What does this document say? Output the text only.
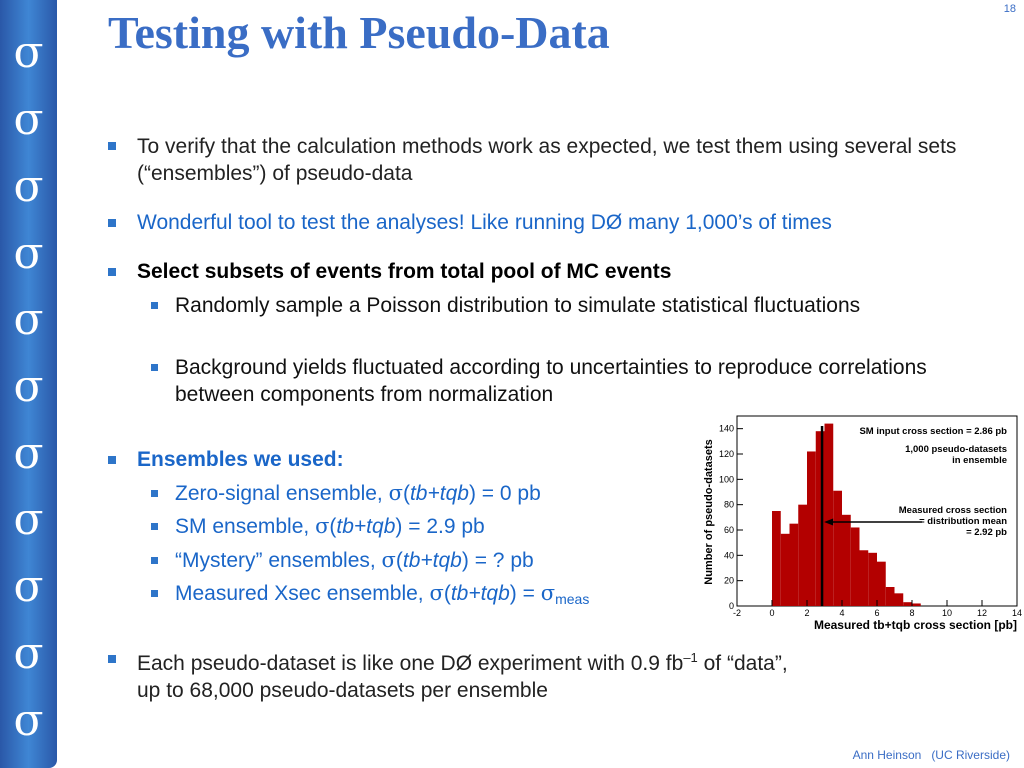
σ
σ
σ
σ
σ
σ
σ
σ
σ
σ
σ
Testing with Pseudo-Data	18
To verify that the calculation methods work as expected, we test them using several sets (“ensembles”) of pseudo-data
Wonderful tool to test the analyses! Like running DØ many 1,000’s of times
Select subsets of events from total pool of MC events
Randomly sample a Poisson distribution to simulate statistical fluctuations
Background yields fluctuated according to uncertainties to reproduce correlations between components from normalization
Ensembles we used:
Zero-signal ensemble, σ(tb+tqb) = 0 pb
SM ensemble, σ(tb+tqb) = 2.9 pb
“Mystery” ensembles, σ(tb+tqb) = ? pb
Measured Xsec ensemble, $\sigma(tb+tqb) = \sigma_{meas}$
Each pseudo-dataset is like one DØ experiment with 0.9 $fb^{-1}$ of “data”,
up to 68,000 pseudo-datasets per ensemble
-2	0	2	4	6	8	10	12	14
0
20
40
60
80
100
120
140	SM input cross section = 2.86 pb
1,000 pseudo-datasets
in ensemble
Measured cross section
= distribution mean
= 2.92 pb
Measured tb+tqb cross section [pb]
Number of pseudo-datasets
Ann Heinson (UC Riverside)
